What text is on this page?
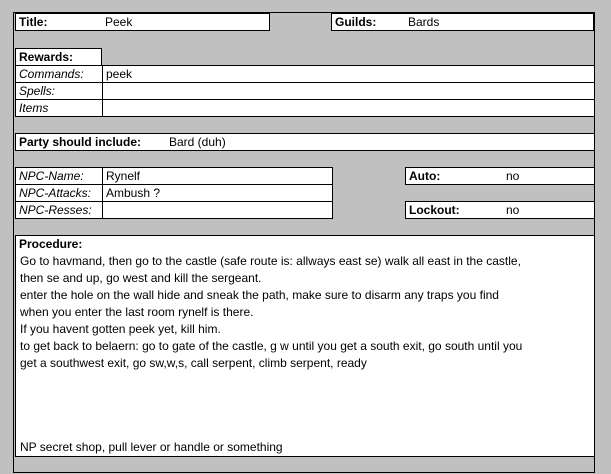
Title:	Peek	Guilds:	Bards
Rewards:
Commands: peek
Spells:
Items
Party should include: Bard (duh)
NPC-Name: Rynelf
NPC-Attacks: Ambush ?
NPC-Resses:
Auto:	no
Lockout:	no
Procedure:
Go to havmand, then go to the castle (safe route is: allways east se) walk all east in the castle,
then se and up, go west and kill the sergeant.
enter the hole on the wall hide and sneak the path, make sure to disarm any traps you find
when you enter the last room rynelf is there.
If you havent gotten peek yet, kill him.
to get back to belaern: go to gate of the castle, g w until you get a south exit, go south until you
get a southwest exit, go sw,w,s, call serpent, climb serpent, ready
NP secret shop, pull lever or handle or something
